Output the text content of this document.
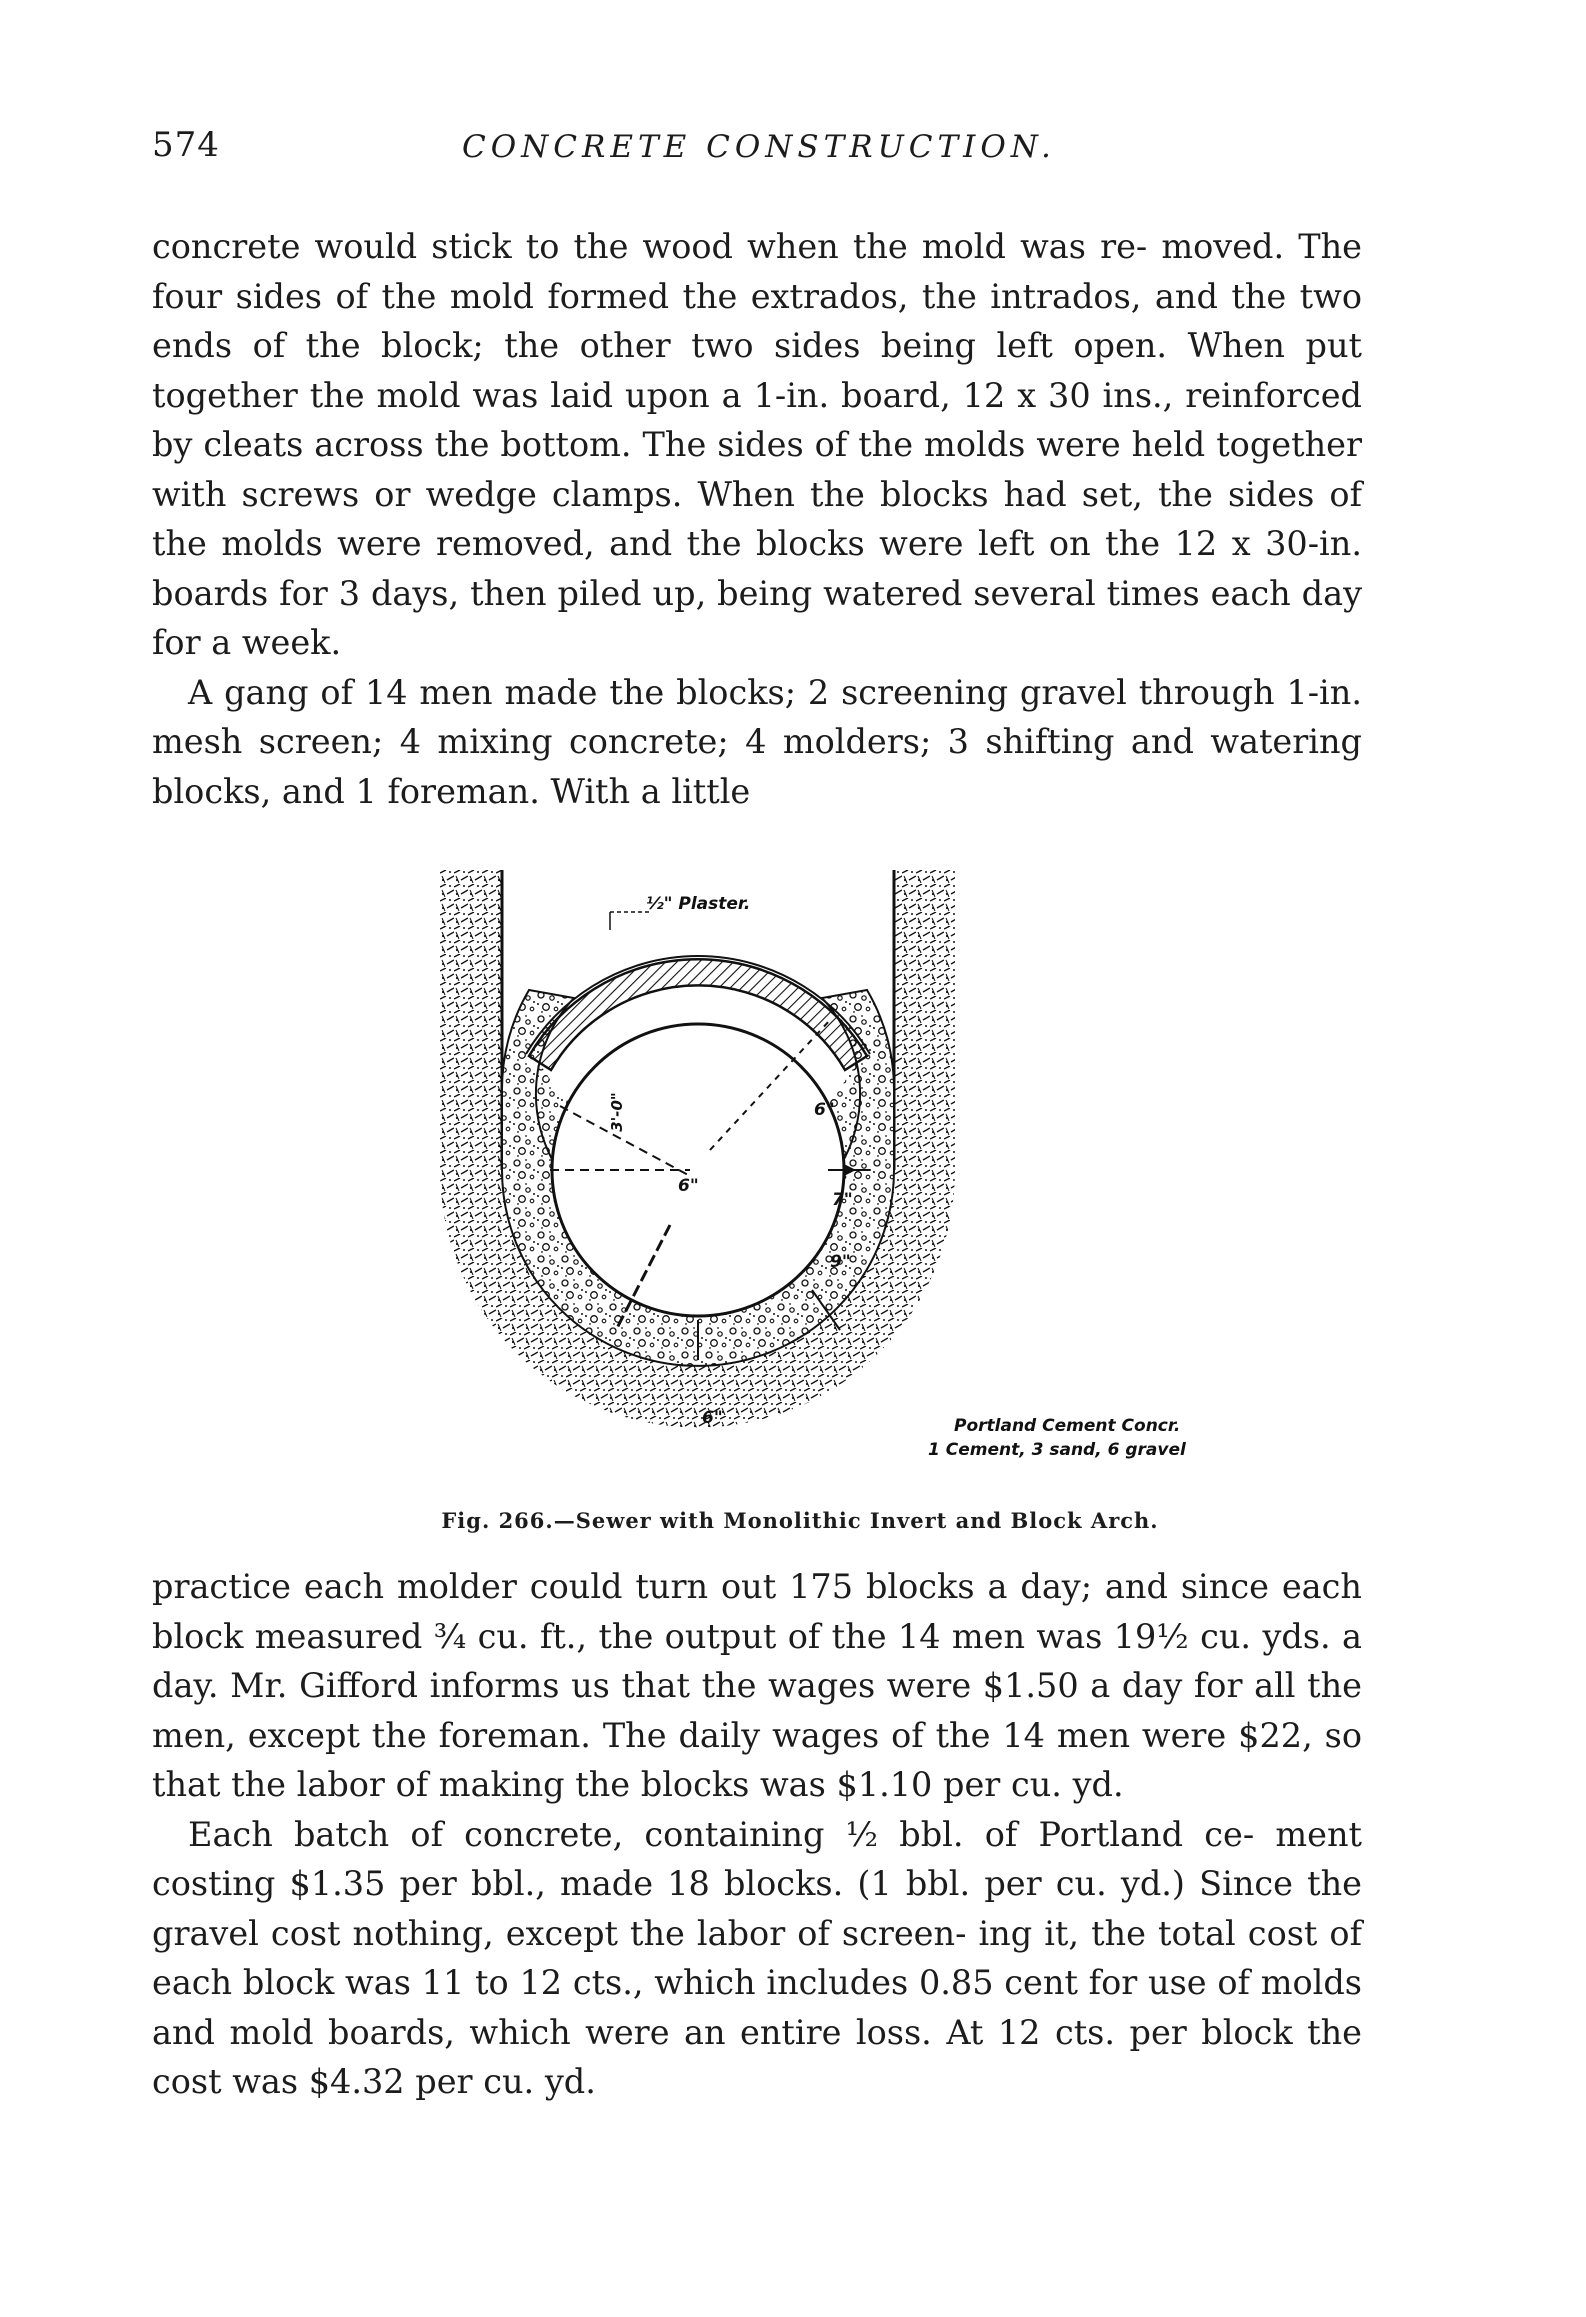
574	CONCRETE CONSTRUCTION.

concrete would stick to the wood when the mold was re- moved. The four sides of the mold formed the extrados, the intrados, and the two ends of the block; the other two sides being left open. When put together the mold was laid upon a 1-in. board, 12 x 30 ins., reinforced by cleats across the bottom. The sides of the molds were held together with screws or wedge clamps. When the blocks had set, the sides of the molds were removed, and the blocks were left on the 12 x 30-in. boards for 3 days, then piled up, being watered several times each day for a week.

A gang of 14 men made the blocks; 2 screening gravel through 1-in. mesh screen; 4 mixing concrete; 4 molders; 3 shifting and watering blocks, and 1 foreman. With a little

½" Plaster.
3'-0"	6"
6"
7"
9"
6"	Portland Cement Concr.
1 Cement, 3 sand, 6 gravel
Fig. 266.—Sewer with Monolithic Invert and Block Arch.

practice each molder could turn out 175 blocks a day; and since each block measured ¾ cu. ft., the output of the 14 men was 19½ cu. yds. a day. Mr. Gifford informs us that the wages were $1.50 a day for all the men, except the foreman. The daily wages of the 14 men were $22, so that the labor of making the blocks was $1.10 per cu. yd.

Each batch of concrete, containing ½ bbl. of Portland ce- ment costing $1.35 per bbl., made 18 blocks. (1 bbl. per cu. yd.) Since the gravel cost nothing, except the labor of screen- ing it, the total cost of each block was 11 to 12 cts., which includes 0.85 cent for use of molds and mold boards, which were an entire loss. At 12 cts. per block the cost was $4.32 per cu. yd.
